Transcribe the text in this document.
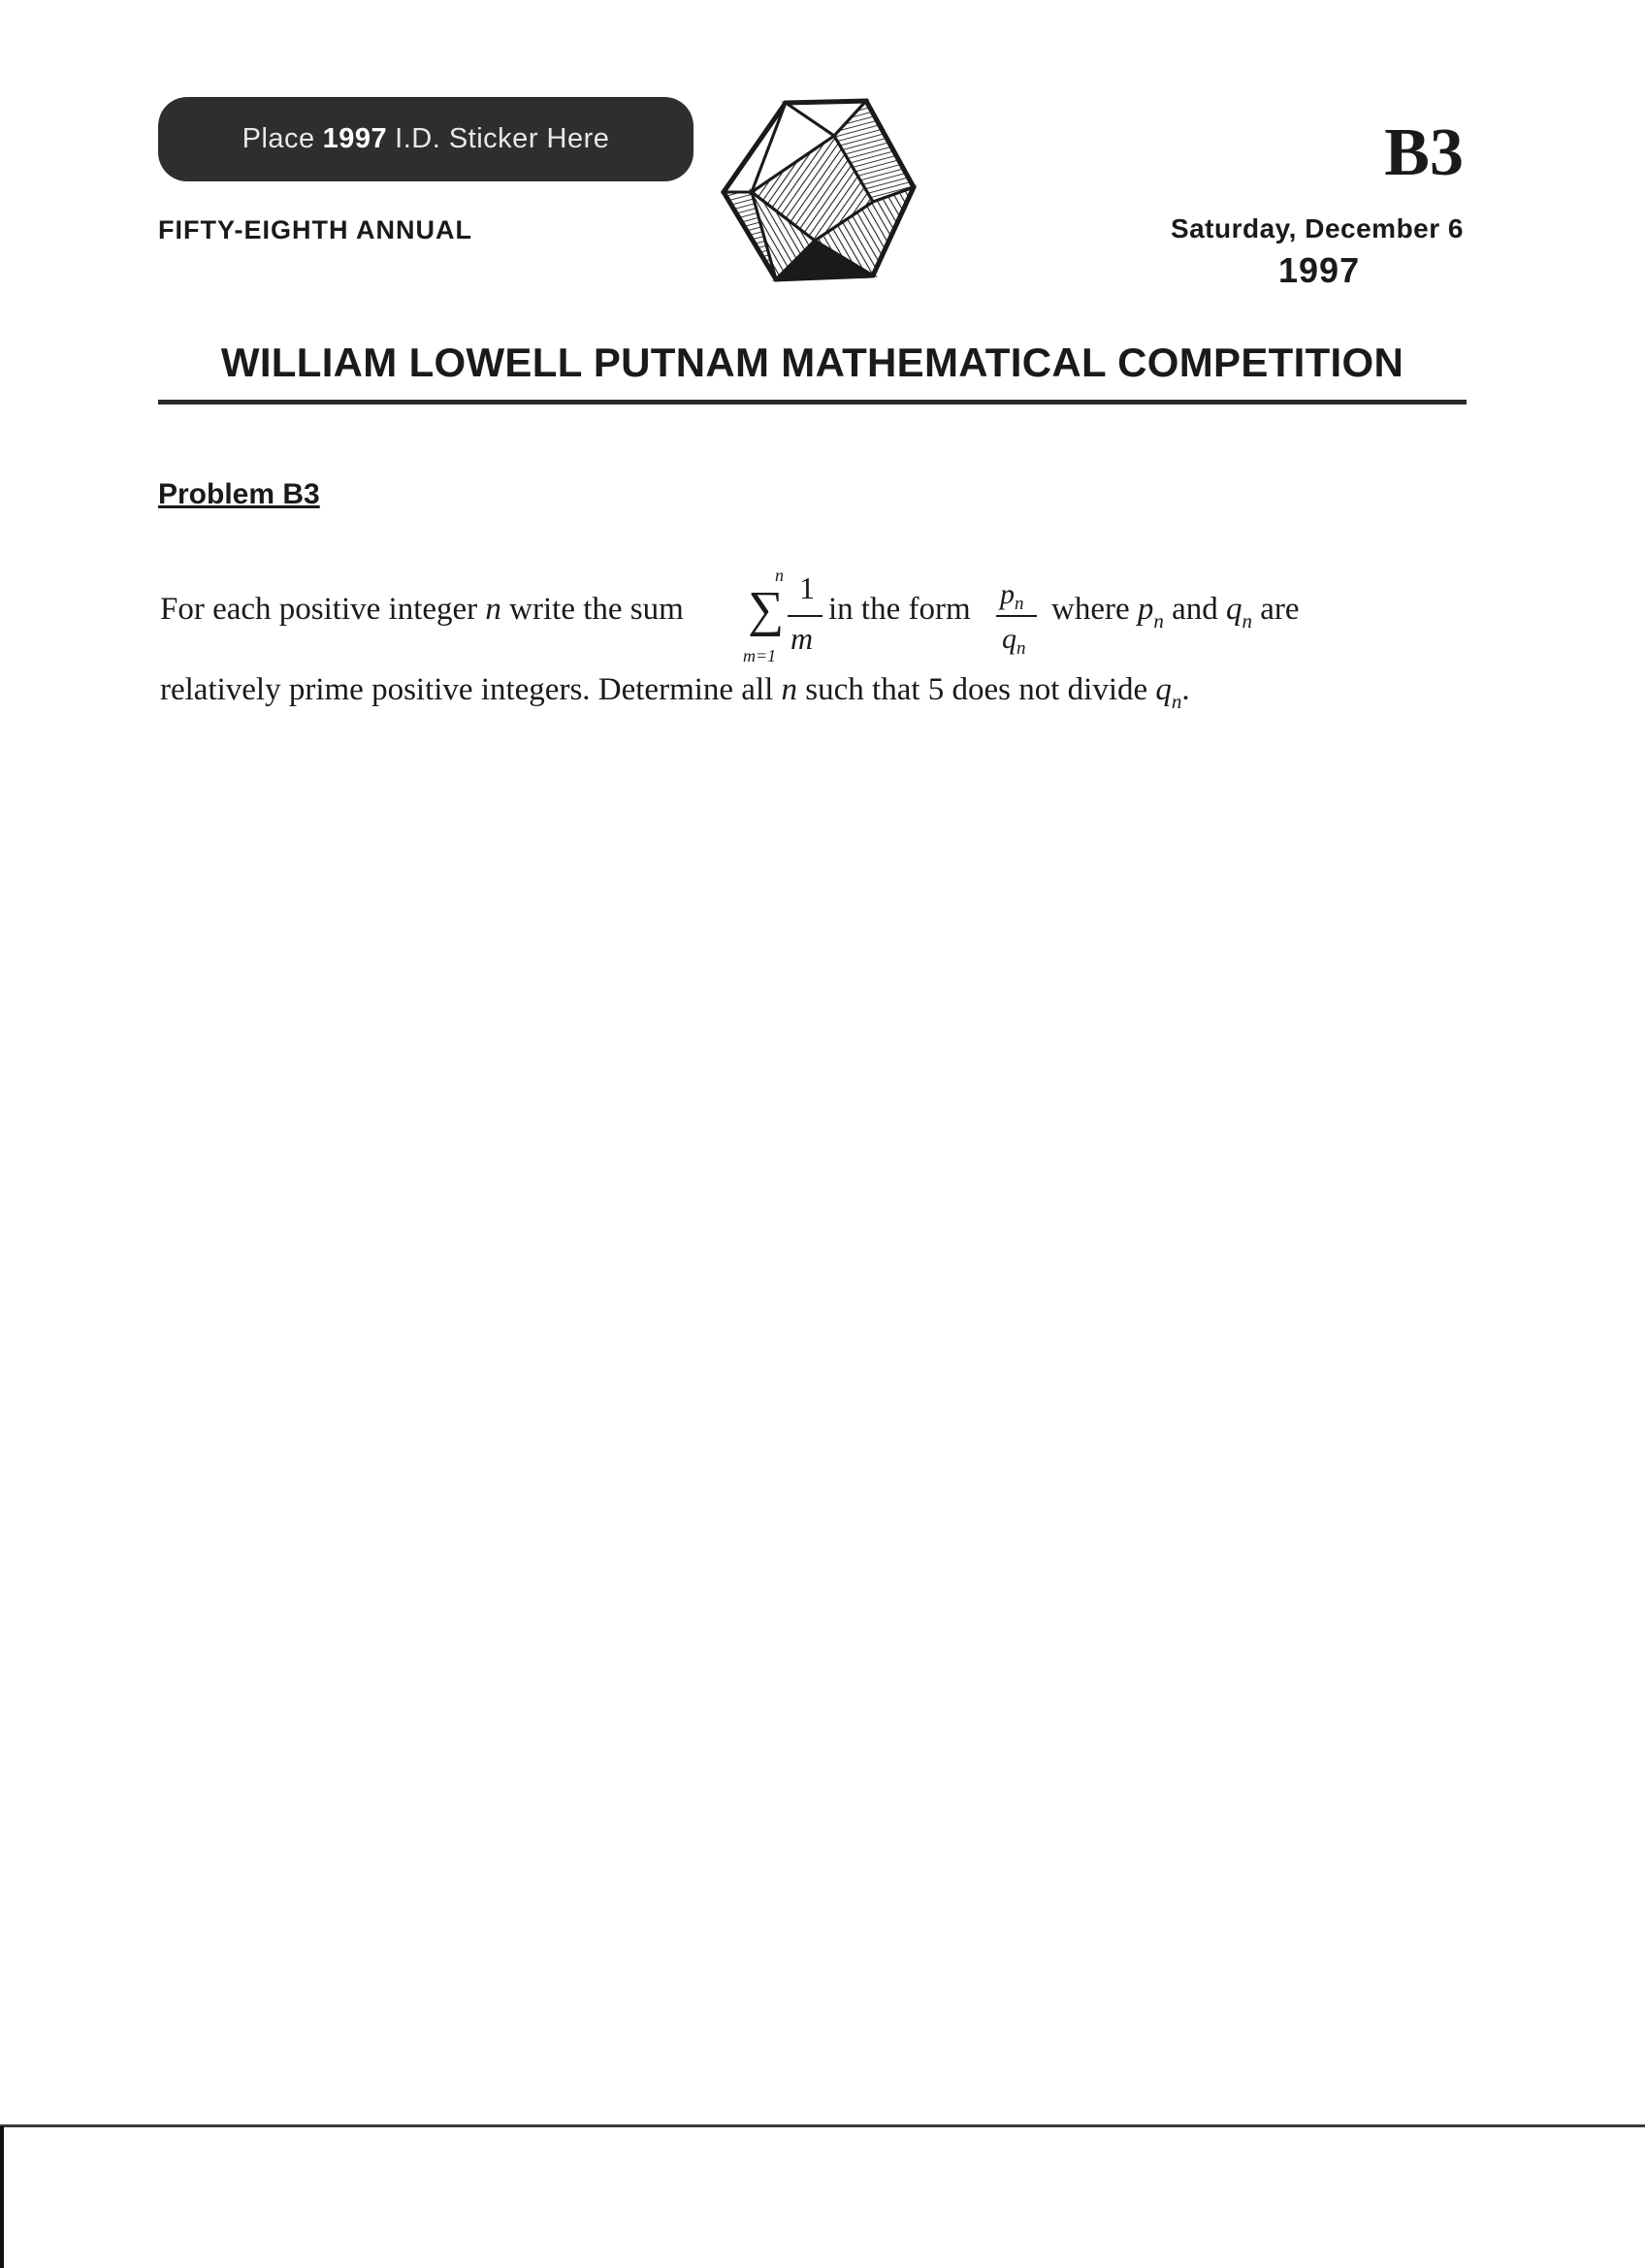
Place 1997 I.D. Sticker Here
FIFTY-EIGHTH ANNUAL
B3
Saturday, December 6
1997
WILLIAM LOWELL PUTNAM MATHEMATICAL COMPETITION
Problem B3
For each positive integer n write the sum
n
∑
m=1
1
m
in the form $p_n$
$q_n$
where $p_n$ and $q_n$ are
relatively prime positive integers. Determine all n such that 5 does not divide $q_n$.
